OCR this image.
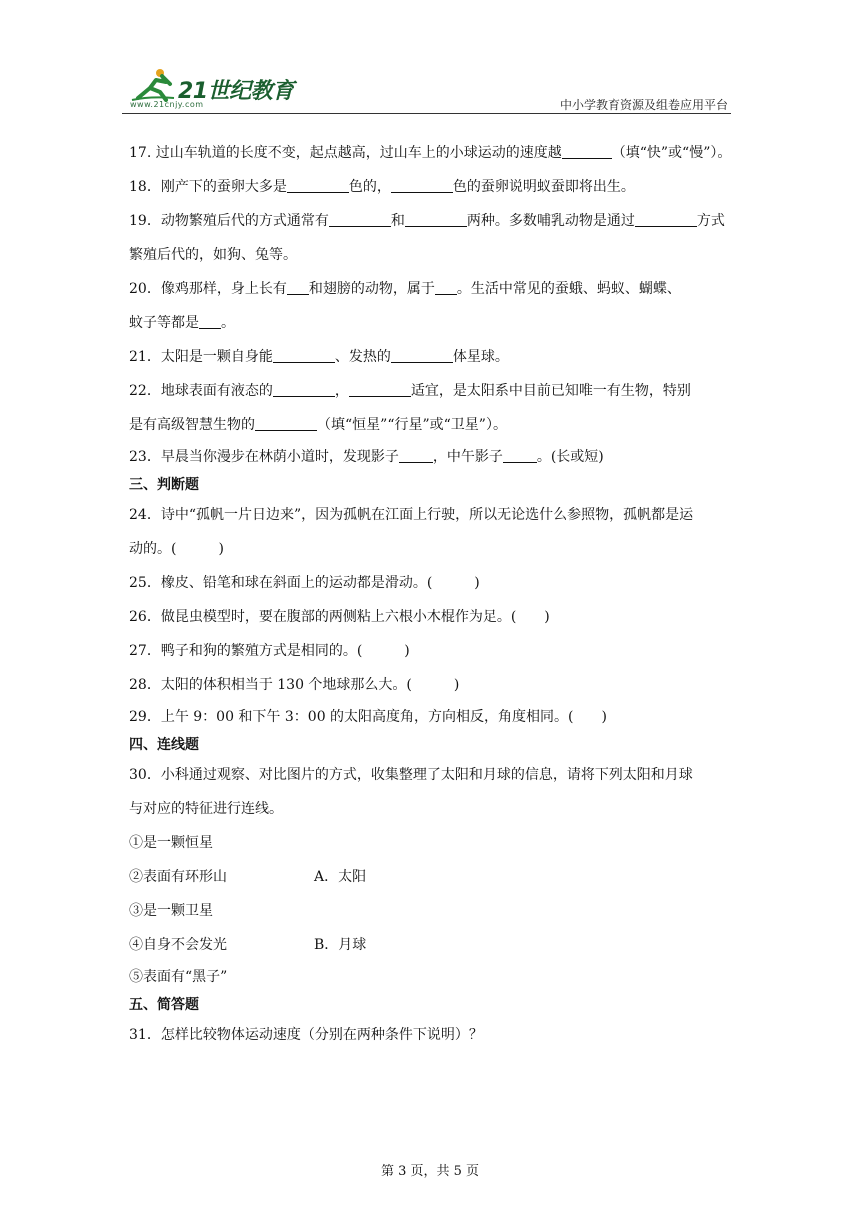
21世纪教育
www.21cnjy.com	中小学教育资源及组卷应用平台
17. 过山车轨道的长度不变，起点越高，过山车上的小球运动的速度越	（填“快”或“慢”）。
18．刚产下的蚕卵大多是	色的，	色的蚕卵说明蚁蚕即将出生。
19．动物繁殖后代的方式通常有	和	两种。多数哺乳动物是通过	方式
繁殖后代的，如狗、兔等。
20．像鸡那样，身上长有 和翅膀的动物，属于 。生活中常见的蚕蛾、蚂蚁、蝴蝶、
蚊子等都是 。
21．太阳是一颗自身能	、发热的	体星球。
22．地球表面有液态的	，	适宜，是太阳系中目前已知唯一有生物，特别
是有高级智慧生物的	（填“恒星”“行星”或“卫星”）。
23．早晨当你漫步在林荫小道时，发现影子 ，中午影子 。(长或短)
三、判断题
24．诗中“孤帆一片日边来”，因为孤帆在江面上行驶，所以无论选什么参照物，孤帆都是运
动的。(　　　)
25．橡皮、铅笔和球在斜面上的运动都是滑动。(　　　)
26．做昆虫模型时，要在腹部的两侧粘上六根小木棍作为足。(　　)
27．鸭子和狗的繁殖方式是相同的。(　　　)
28．太阳的体积相当于 130 个地球那么大。(　　　)
29．上午 9：00 和下午 3：00 的太阳高度角，方向相反，角度相同。(　　)
四、连线题
30．小科通过观察、对比图片的方式，收集整理了太阳和月球的信息，请将下列太阳和月球
与对应的特征进行连线。
①是一颗恒星
②表面有环形山	A．太阳
③是一颗卫星
④自身不会发光	B．月球
⑤表面有“黑子”
五、简答题
31．怎样比较物体运动速度（分别在两种条件下说明）？
第 3 页，共 5 页
